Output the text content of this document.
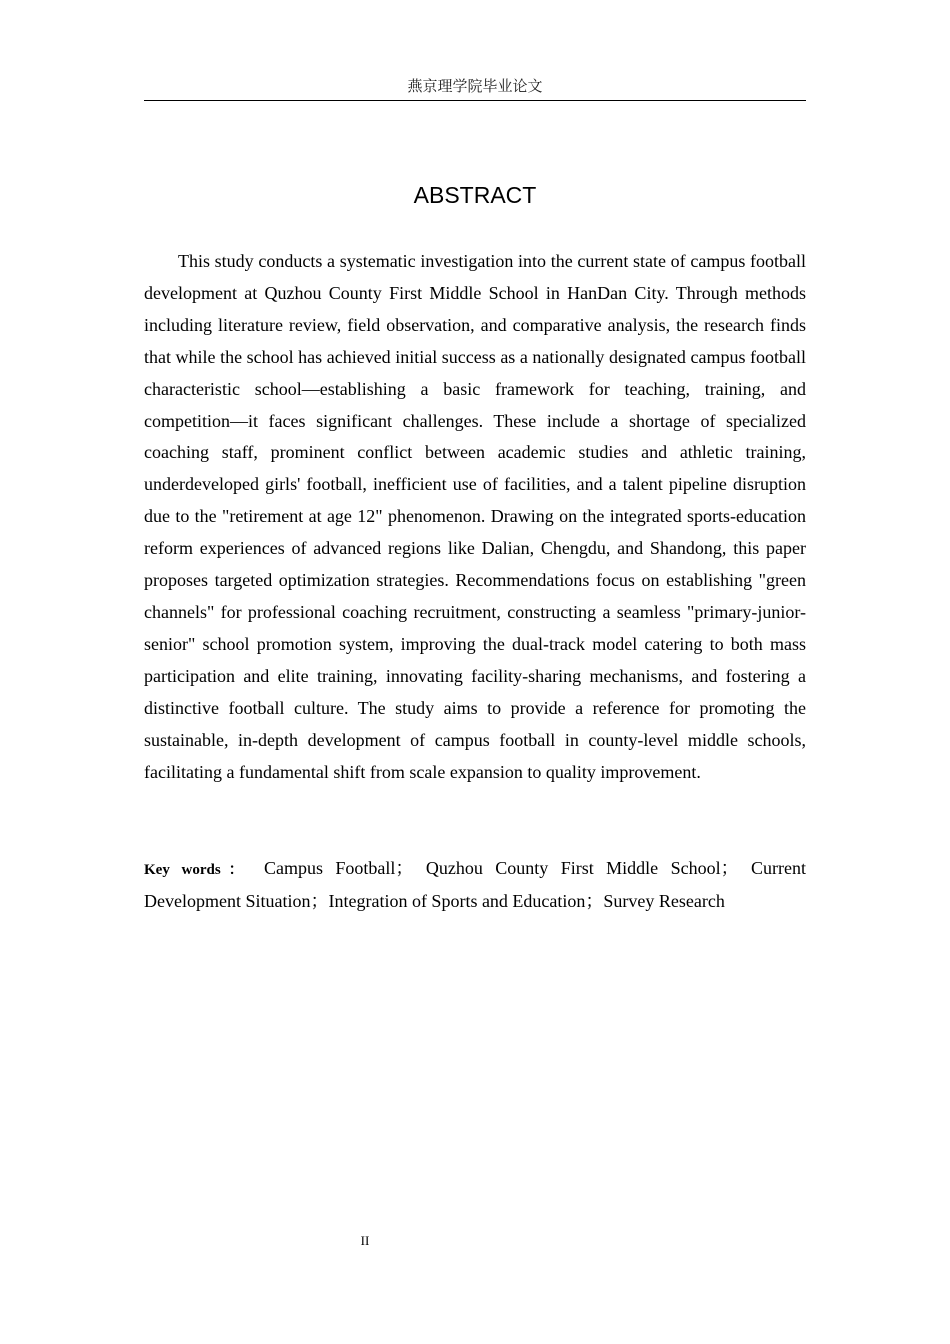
燕京理学院毕业论文
ABSTRACT

This study conducts a systematic investigation into the current state of campus football development at Quzhou County First Middle School in HanDan City. Through methods including literature review, field observation, and comparative analysis, the research finds that while the school has achieved initial success as a nationally designated campus football characteristic school—establishing a basic framework for teaching, training, and competition—it faces significant challenges. These include a shortage of specialized coaching staff, prominent conflict between academic studies and athletic training, underdeveloped girls' football, inefficient use of facilities, and a talent pipeline disruption due to the "retirement at age 12" phenomenon. Drawing on the integrated sports-education reform experiences of advanced regions like Dalian, Chengdu, and Shandong, this paper proposes targeted optimization strategies. Recommendations focus on establishing "green channels" for professional coaching recruitment, constructing a seamless "primary-junior-senior" school promotion system, improving the dual-track model catering to both mass participation and elite training, innovating facility-sharing mechanisms, and fostering a distinctive football culture. The study aims to provide a reference for promoting the sustainable, in-depth development of campus football in county-level middle schools, facilitating a fundamental shift from scale expansion to quality improvement.

Key words： Campus Football； Quzhou County First Middle School； Current Development Situation；Integration of Sports and Education；Survey Research

II
